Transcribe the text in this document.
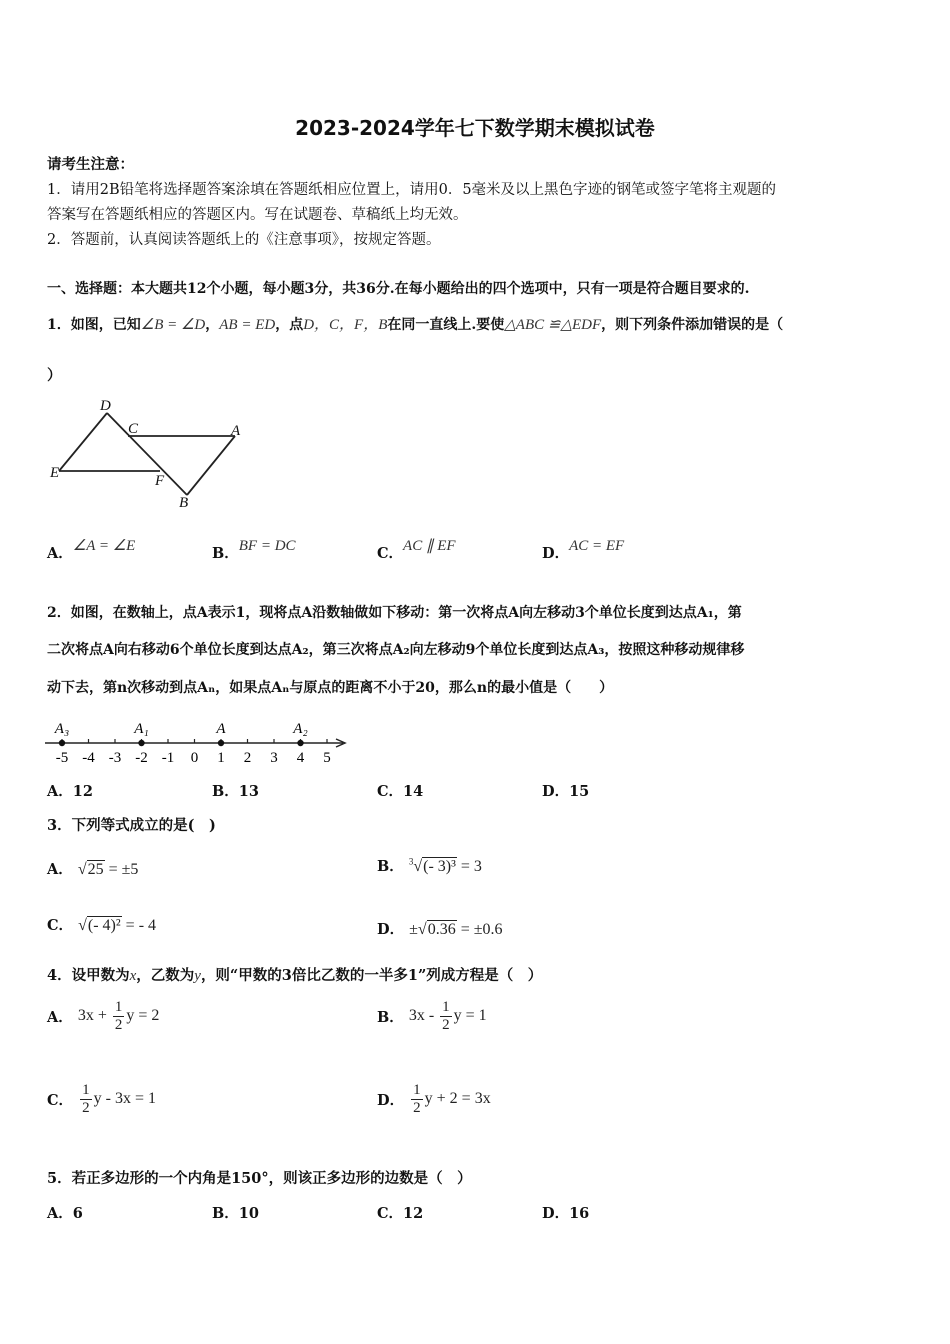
2023-2024学年七下数学期末模拟试卷
请考生注意：
1．请用2B铅笔将选择题答案涂填在答题纸相应位置上，请用0．5毫米及以上黑色字迹的钢笔或签字笔将主观题的
答案写在答题纸相应的答题区内。写在试题卷、草稿纸上均无效。
2．答题前，认真阅读答题纸上的《注意事项》，按规定答题。
一、选择题：本大题共12个小题，每小题3分，共36分.在每小题给出的四个选项中，只有一项是符合题目要求的.
1．如图，已知∠B = ∠D，AB = ED，点D，C，F，B在同一直线上.要使△ABC ≌△EDF，则下列条件添加错误的是（
）
D
C	A
E	F
B
A．∠A = ∠E	B．BF = DC	C．AC ∥ EF	D．AC = EF
2．如图，在数轴上，点A表示1，现将点A沿数轴做如下移动：第一次将点A向左移动3个单位长度到达点A₁，第
二次将点A向右移动6个单位长度到达点A₂，第三次将点A₂向左移动9个单位长度到达点A₃，按照这种移动规律移
动下去，第n次移动到点Aₙ，如果点Aₙ与原点的距离不小于20，那么n的最小值是（　　）
-5 -4 -3 -2 -1 0 1 2 3 4 5
A₃	A₁	A	A₂
A．12	B．13	C．14	D．15
3．下列等式成立的是(　)
A． √25 = ±5	B． $^3$√(- 3)³ = 3
C． √(- 4)² = - 4	D． ±√0.36 = ±0.6
4．设甲数为x，乙数为y，则“甲数的3倍比乙数的一半多1”列成方程是（　）
A． $3x + \frac{1}{2}$ y = 2	B． $3x - \frac{1}{2}$ y = 1
C． $\frac{1}{2}$ y - 3x = 1	D． $\frac{1}{2}$ y + 2 = 3x
5．若正多边形的一个内角是150°，则该正多边形的边数是（　）
A．6	B．10	C．12	D．16
